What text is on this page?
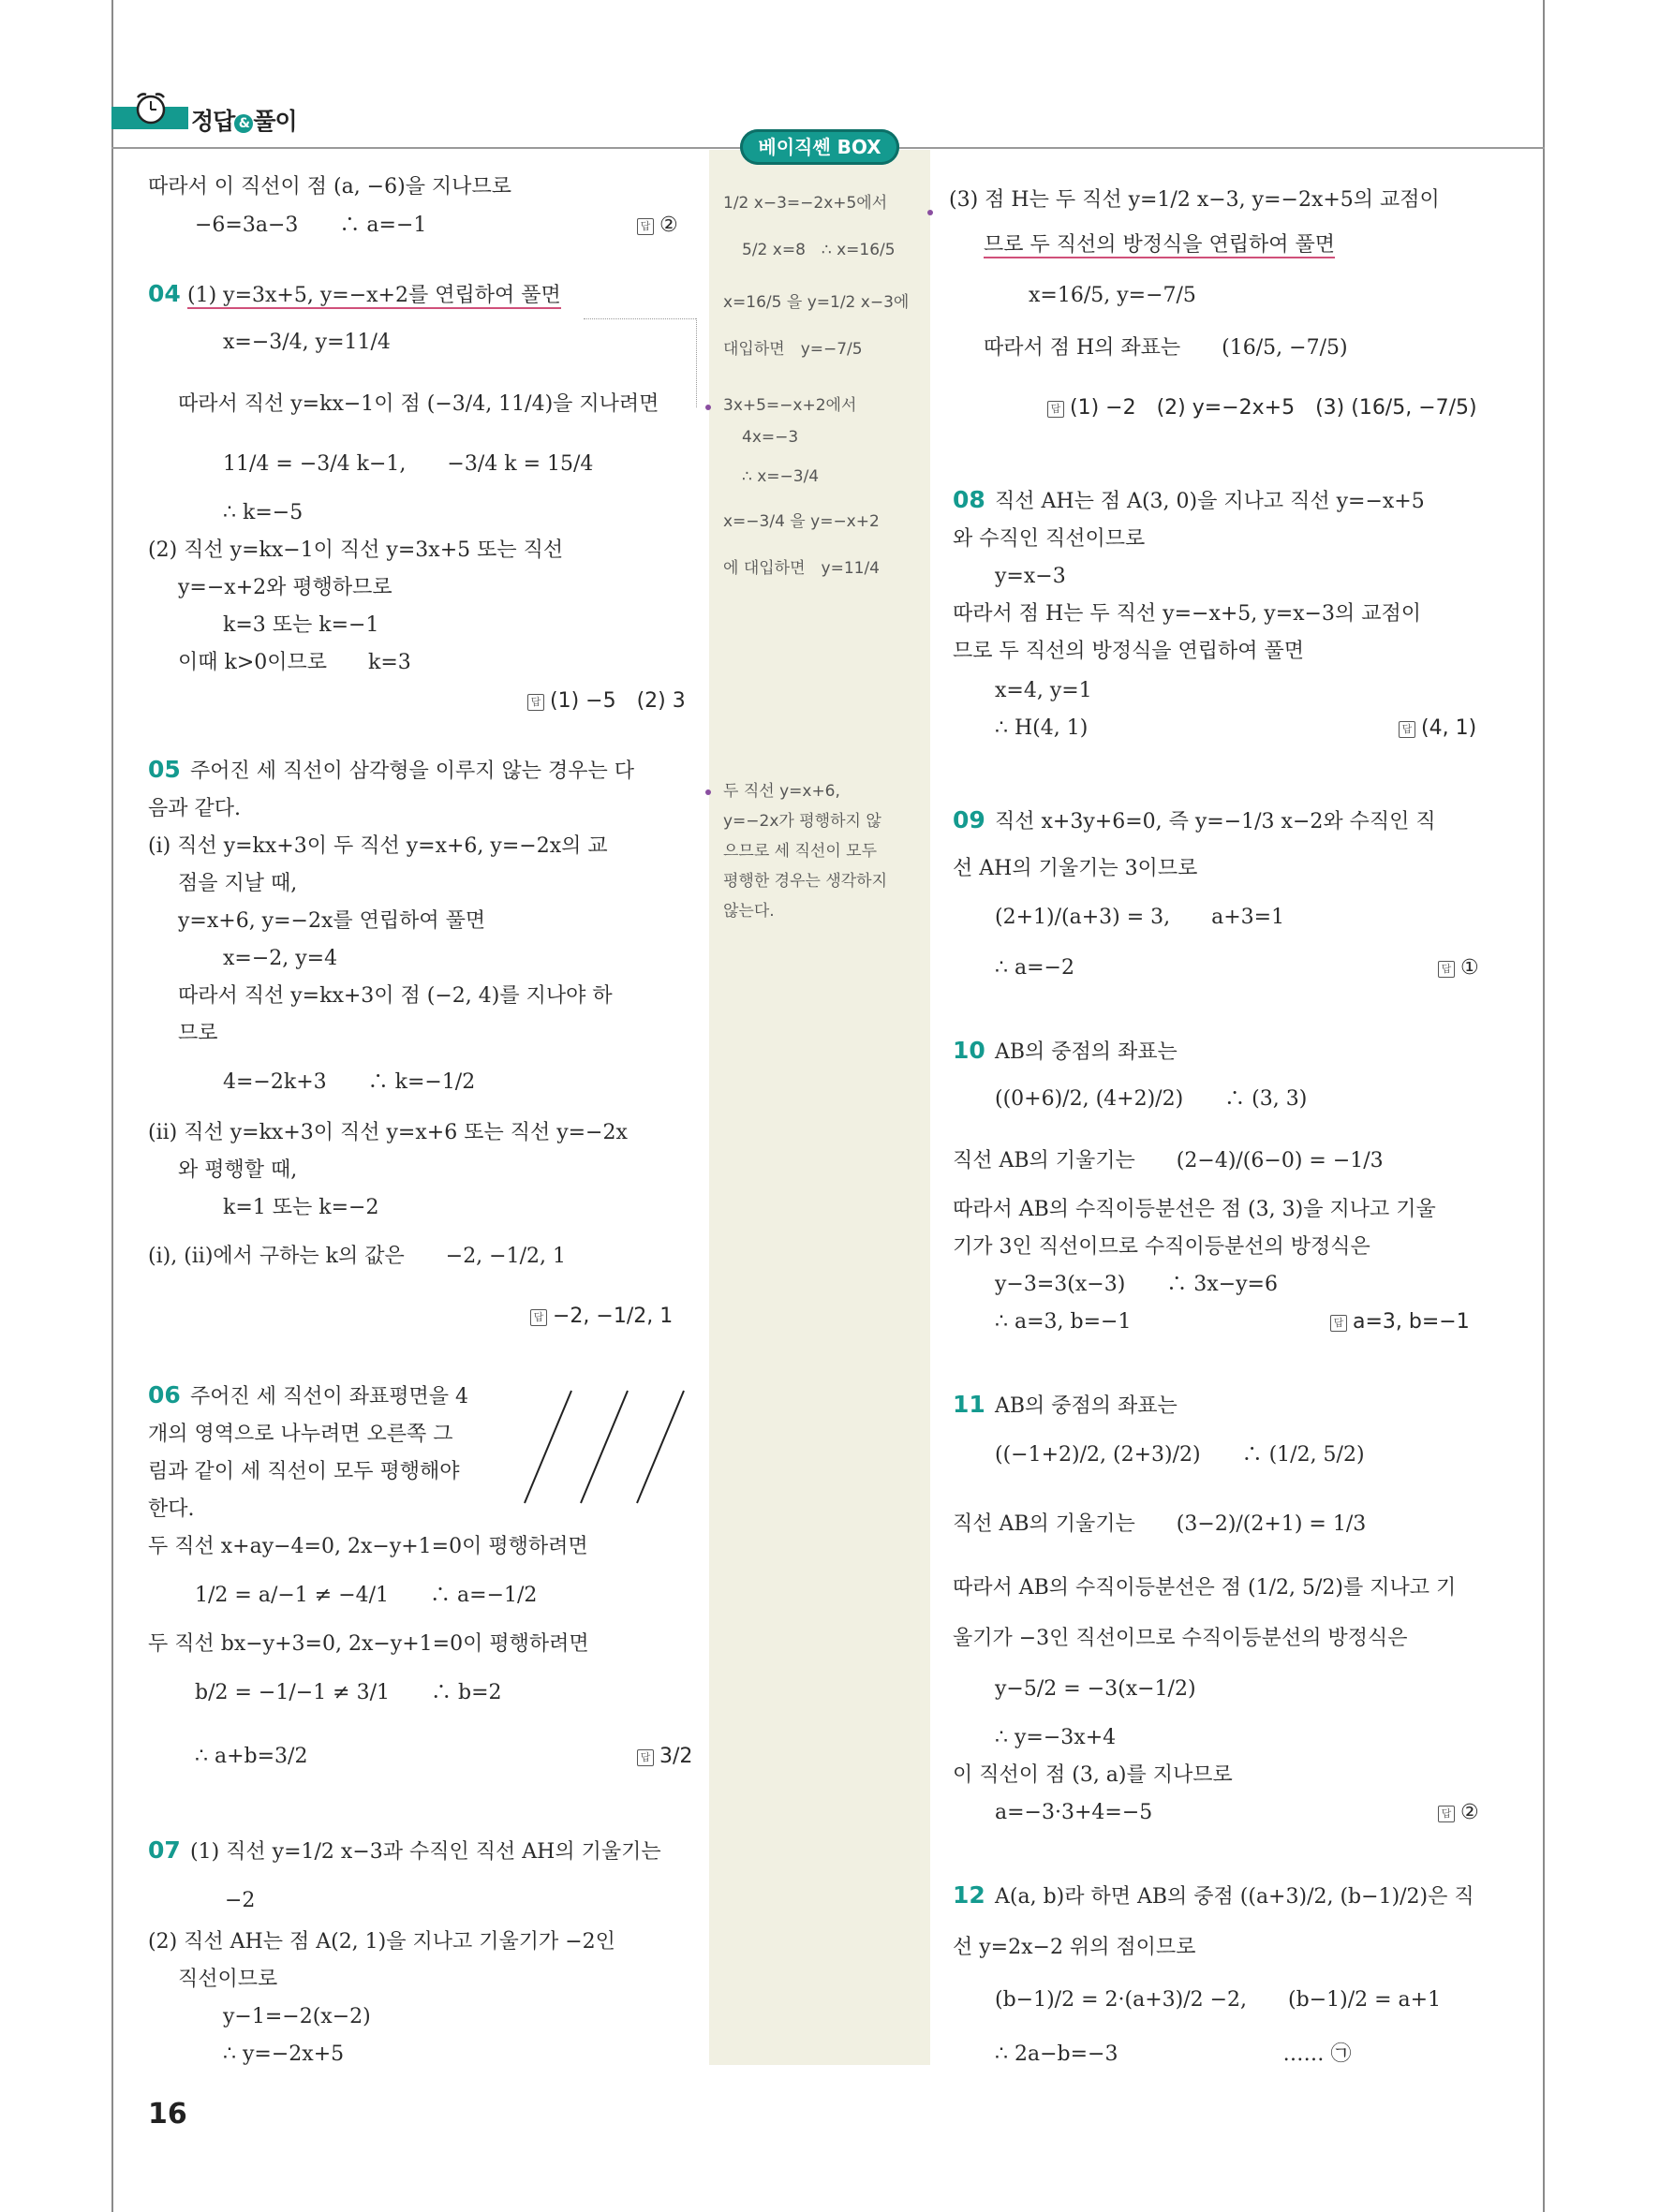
정답 & 풀이
베이직쎈 BOX
따라서 이 직선이 점 (a, −6)을 지나므로
−6=3a−3　　∴ a=−1	답 ②
04 (1) y=3x+5, y=−x+2를 연립하여 풀면
x=−3/4, y=11/4
따라서 직선 y=kx−1이 점 (−3/4, 11/4)을 지나려면
11/4 = −3/4 k−1,　　−3/4 k = 15/4
∴ k=−5
(2) 직선 y=kx−1이 직선 y=3x+5 또는 직선
y=−x+2와 평행하므로
k=3 또는 k=−1
이때 k>0이므로　　k=3
답 (1) −5　(2) 3
05 주어진 세 직선이 삼각형을 이루지 않는 경우는 다
음과 같다.
(i) 직선 y=kx+3이 두 직선 y=x+6, y=−2x의 교
점을 지날 때,
y=x+6, y=−2x를 연립하여 풀면
x=−2, y=4
따라서 직선 y=kx+3이 점 (−2, 4)를 지나야 하
므로
4=−2k+3　　∴ k=−1/2
(ii) 직선 y=kx+3이 직선 y=x+6 또는 직선 y=−2x
와 평행할 때,
k=1 또는 k=−2
(i), (ii)에서 구하는 k의 값은　　−2, −1/2, 1
답 −2, −1/2, 1
06 주어진 세 직선이 좌표평면을 4
개의 영역으로 나누려면 오른쪽 그
림과 같이 세 직선이 모두 평행해야
한다.
두 직선 x+ay−4=0, 2x−y+1=0이 평행하려면
1/2 = a/−1 ≠ −4/1　　∴ a=−1/2
두 직선 bx−y+3=0, 2x−y+1=0이 평행하려면
b/2 = −1/−1 ≠ 3/1　　∴ b=2
∴ a+b=3/2	답 3/2
07 (1) 직선 y=1/2 x−3과 수직인 직선 AH의 기울기는
−2
(2) 직선 AH는 점 A(2, 1)을 지나고 기울기가 −2인
직선이므로
y−1=−2(x−2)
∴ y=−2x+5
1/2 x−3=−2x+5에서
5/2 x=8　∴ x=16/5
x=16/5 을 y=1/2 x−3에
대입하면　y=−7/5
3x+5=−x+2에서
4x=−3
∴ x=−3/4
x=−3/4 을 y=−x+2
에 대입하면　y=11/4
두 직선 y=x+6,
y=−2x가 평행하지 않
으므로 세 직선이 모두
평행한 경우는 생각하지
않는다.
(3) 점 H는 두 직선 y=1/2 x−3, y=−2x+5의 교점이
므로 두 직선의 방정식을 연립하여 풀면
x=16/5, y=−7/5
따라서 점 H의 좌표는　　(16/5, −7/5)
답 (1) −2　(2) y=−2x+5　(3) (16/5, −7/5)
08 직선 AH는 점 A(3, 0)을 지나고 직선 y=−x+5
와 수직인 직선이므로
y=x−3
따라서 점 H는 두 직선 y=−x+5, y=x−3의 교점이
므로 두 직선의 방정식을 연립하여 풀면
x=4, y=1
∴ H(4, 1)	답 (4, 1)
09 직선 x+3y+6=0, 즉 y=−1/3 x−2와 수직인 직
선 AH의 기울기는 3이므로
(2+1)/(a+3) = 3,　　a+3=1
∴ a=−2	답 ①
10 AB의 중점의 좌표는
((0+6)/2, (4+2)/2)　　∴ (3, 3)
직선 AB의 기울기는　　(2−4)/(6−0) = −1/3
따라서 AB의 수직이등분선은 점 (3, 3)을 지나고 기울
기가 3인 직선이므로 수직이등분선의 방정식은
y−3=3(x−3)　　∴ 3x−y=6
∴ a=3, b=−1	답 a=3, b=−1
11 AB의 중점의 좌표는
((−1+2)/2, (2+3)/2)　　∴ (1/2, 5/2)
직선 AB의 기울기는　　(3−2)/(2+1) = 1/3
따라서 AB의 수직이등분선은 점 (1/2, 5/2)를 지나고 기
울기가 −3인 직선이므로 수직이등분선의 방정식은
y−5/2 = −3(x−1/2)
∴ y=−3x+4
이 직선이 점 (3, a)를 지나므로
a=−3·3+4=−5	답 ②
12 A(a, b)라 하면 AB의 중점 ((a+3)/2, (b−1)/2)은 직
선 y=2x−2 위의 점이므로
(b−1)/2 = 2·(a+3)/2 −2,　　(b−1)/2 = a+1
∴ 2a−b=−3　　　　　　　　…… ㉠
16
